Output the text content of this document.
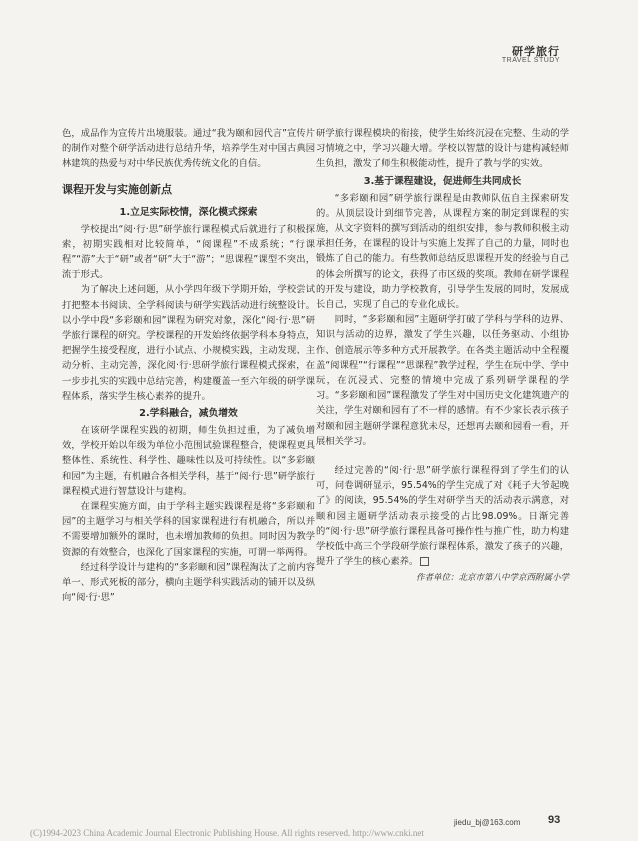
研学旅行
TRAVEL STUDY

色，成品作为宣传片出境服装。通过“我为颐和园代言”宣传片的制作对整个研学活动进行总结升华，培养学生对中国古典园林建筑的热爱与对中华民族优秀传统文化的自信。

课程开发与实施创新点
1.立足实际校情，深化模式探索

学校提出“阅·行·思”研学旅行课程模式后就进行了积极探索，初期实践相对比较简单，“阅课程”不成系统；“行课程”“游”大于“研”或者“研”大于“游”；“思课程”课型不突出，流于形式。

为了解决上述问题，从小学四年级下学期开始，学校尝试打把整本书阅读、全学科阅读与研学实践活动进行统整设计。以小学中段“多彩颐和园”课程为研究对象，深化“阅·行·思”研学旅行课程的研究。学校课程的开发始终依据学科本身特点，把握学生接受程度，进行小试点、小规模实践，主动发现、主动分析、主动完善，深化阅·行·思研学旅行课程模式探索，在一步步扎实的实践中总结完善，构建覆盖一至六年级的研学课程体系，落实学生核心素养的提升。

2.学科融合，减负增效

在该研学课程实践的初期，师生负担过重，为了减负增效，学校开始以年级为单位小范围试验课程整合，使课程更具整体性、系统性、科学性、趣味性以及可持续性。以“多彩颐和园”为主题，有机融合各相关学科，基于“阅·行·思”研学旅行课程模式进行智慧设计与建构。

在课程实施方面，由于学科主题实践课程是将“多彩颐和园”的主题学习与相关学科的国家课程进行有机融合，所以并不需要增加额外的课时，也未增加教师的负担。同时因为教学资源的有效整合，也深化了国家课程的实施，可谓一举两得。

经过科学设计与建构的“多彩颐和园”课程淘汰了之前内容单一、形式死板的部分，横向主题学科实践活动的铺开以及纵向“阅·行·思”

研学旅行课程模块的衔接，使学生始终沉浸在完整、生动的学习情境之中，学习兴趣大增。学校以智慧的设计与建构减轻师生负担，激发了师生积极能动性，提升了教与学的实效。

3.基于课程建设，促进师生共同成长

“多彩颐和园”研学旅行课程是由教师队伍自主探索研发的。从顶层设计到细节完善，从课程方案的制定到课程的实施，从文字资料的撰写到活动的组织安排，参与教师积极主动承担任务，在课程的设计与实施上发挥了自己的力量，同时也锻炼了自己的能力。有些教师总结反思课程开发的经验与自己的体会所撰写的论文，获得了市区级的奖项。教师在研学课程的开发与建设，助力学校教育，引导学生发展的同时，发展成长自己，实现了自己的专业化成长。

同时，“多彩颐和园”主题研学打破了学科与学科的边界、知识与活动的边界，激发了学生兴趣，以任务驱动、小组协作、创造展示等多种方式开展教学。在各类主题活动中全程覆盖“阅课程”“行课程”“思课程”教学过程，学生在玩中学、学中玩，在沉浸式、完整的情境中完成了系列研学课程的学习。“多彩颐和园”课程激发了学生对中国历史文化建筑遗产的关注，学生对颐和园有了不一样的感情。有不少家长表示孩子对颐和园主题研学课程意犹未尽，还想再去颐和园看一看，开展相关学习。

经过完善的“阅·行·思”研学旅行课程得到了学生们的认可，问卷调研显示，95.54%的学生完成了对《耗子大爷起晚了》的阅读，95.54%的学生对研学当天的活动表示满意，对颐和园主题研学活动表示接受的占比98.09%。日渐完善的“阅·行·思”研学旅行课程具备可操作性与推广性，助力构建学校低中高三个学段研学旅行课程体系，激发了孩子的兴趣，提升了学生的核心素养。

作者单位：北京市第八中学京西附属小学
jiedu_bj@163.com	93
(C)1994-2023 China Academic Journal Electronic Publishing House. All rights reserved. http://www.cnki.net
